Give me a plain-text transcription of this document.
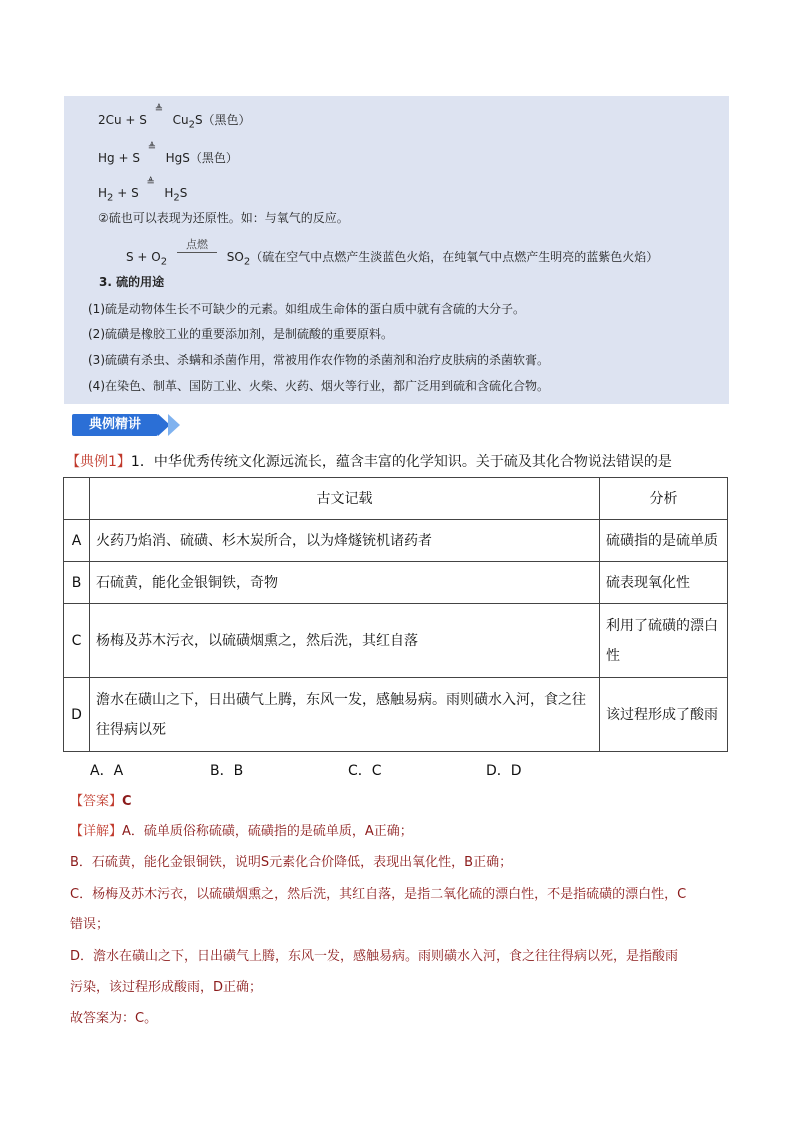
2Cu + S
≜
$Cu_2S$（黑色）
Hg + S
≜
HgS（黑色）
$H_2 + S$
≜
$H_2S$
②硫也可以表现为还原性。如：与氧气的反应。
$S + O_2$
点燃
$SO_2$（硫在空气中点燃产生淡蓝色火焰，在纯氧气中点燃产生明亮的蓝紫色火焰）
3. 硫的用途
(1)硫是动物体生长不可缺少的元素。如组成生命体的蛋白质中就有含硫的大分子。
(2)硫磺是橡胶工业的重要添加剂，是制硫酸的重要原料。
(3)硫磺有杀虫、杀螨和杀菌作用，常被用作农作物的杀菌剂和治疗皮肤病的杀菌软膏。
(4)在染色、制革、国防工业、火柴、火药、烟火等行业，都广泛用到硫和含硫化合物。
典例精讲
【典例1】1．中华优秀传统文化源远流长，蕴含丰富的化学知识。关于硫及其化合物说法错误的是
	古文记载	分析
A	火药乃焰消、硫磺、杉木炭所合，以为烽燧铳机诸药者	硫磺指的是硫单质
B	石硫黄，能化金银铜铁，奇物	硫表现氧化性
C	杨梅及苏木污衣，以硫磺烟熏之，然后洗，其红自落	利用了硫磺的漂白性
D	澹水在磺山之下，日出磺气上腾，东风一发，感触易病。雨则磺水入河，食之往往得病以死	该过程形成了酸雨
A．A	B．B	C．C	D．D
【答案】C
【详解】A．硫单质俗称硫磺，硫磺指的是硫单质，A正确；
B．石硫黄，能化金银铜铁，说明S元素化合价降低，表现出氧化性，B正确；
C．杨梅及苏木污衣，以硫磺烟熏之，然后洗，其红自落，是指二氧化硫的漂白性，不是指硫磺的漂白性，C
错误；
D．澹水在磺山之下，日出磺气上腾，东风一发，感触易病。雨则磺水入河，食之往往得病以死，是指酸雨
污染，该过程形成酸雨，D正确；
故答案为：C。
